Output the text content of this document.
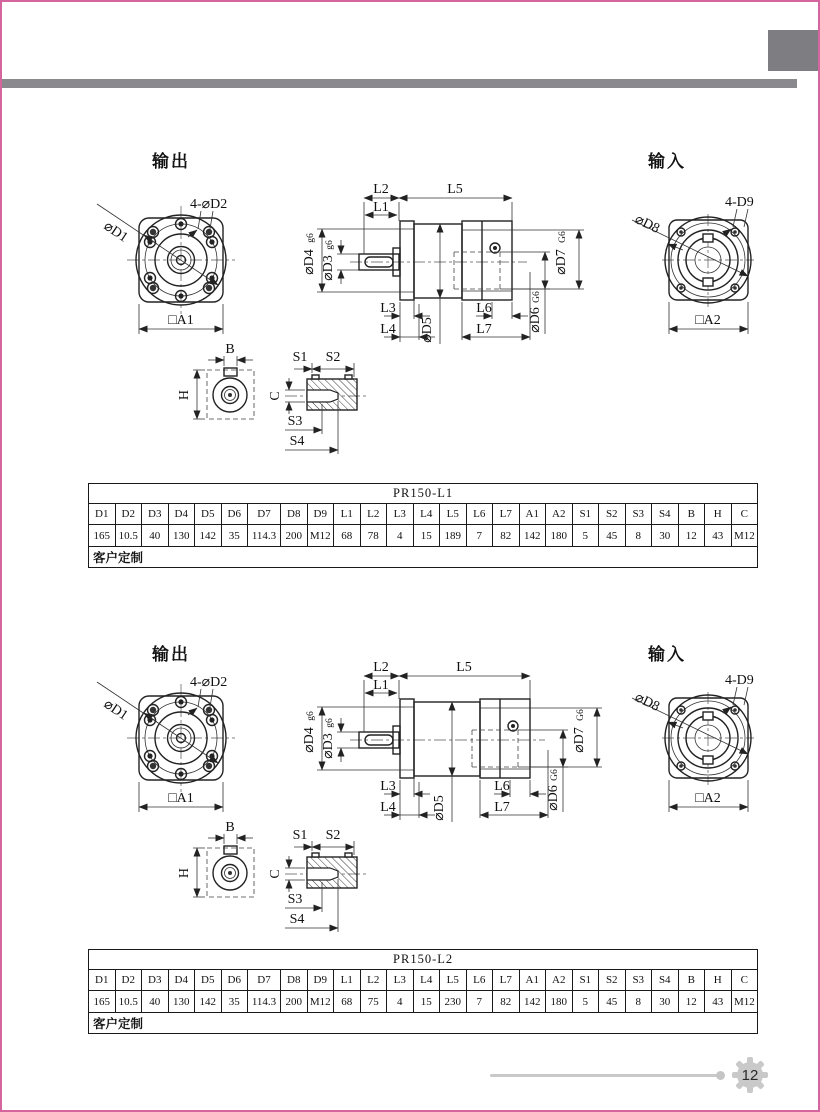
输出	输入
输出	输入
⌀D1
4-⌀D2
□A1
⌀D8
4-D9
□A2
B
H
S1 S2
C
S3
S4
L2	L5
L1
⌀D4
g6
⌀D3
g6
⌀D7
G6
⌀D6
G6
⌀D5
L3
L4
L6
L7
L2	L5
L1
⌀D4
g6
⌀D3
g6
⌀D7
G6
⌀D6
G6
⌀D5
L3
L4
L6
L7
⌀D1
4-⌀D2
□A1
⌀D8
4-D9
□A2
B
H
S1 S2
C
S3
S4
PR150-L1																								
D1	D2	D3	D4	D5	D6	D7	D8	D9	L1	L2	L3	L4	L5	L6	L7	A1	A2	S1	S2	S3	S4	B	H	C
165	10.5	40	130	142	35	114.3	200	M12	68	78	4	15	189	7	82	142	180	5	45	8	30	12	43	M12
客户定制																								
PR150-L2																								
D1	D2	D3	D4	D5	D6	D7	D8	D9	L1	L2	L3	L4	L5	L6	L7	A1	A2	S1	S2	S3	S4	B	H	C
165	10.5	40	130	142	35	114.3	200	M12	68	75	4	15	230	7	82	142	180	5	45	8	30	12	43	M12
客户定制																								
12
